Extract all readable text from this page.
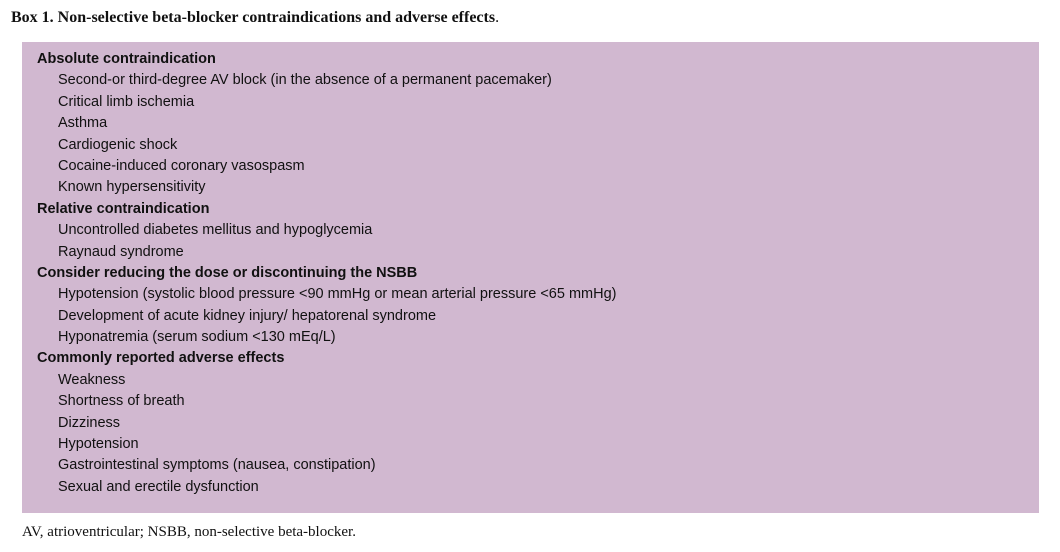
Box 1. Non-selective beta-blocker contraindications and adverse effects.
Absolute contraindication
Second-or third-degree AV block (in the absence of a permanent pacemaker)
Critical limb ischemia
Asthma
Cardiogenic shock
Cocaine-induced coronary vasospasm
Known hypersensitivity
Relative contraindication
Uncontrolled diabetes mellitus and hypoglycemia
Raynaud syndrome
Consider reducing the dose or discontinuing the NSBB
Hypotension (systolic blood pressure <90 mmHg or mean arterial pressure <65 mmHg)
Development of acute kidney injury/ hepatorenal syndrome
Hyponatremia (serum sodium <130 mEq/L)
Commonly reported adverse effects
Weakness
Shortness of breath
Dizziness
Hypotension
Gastrointestinal symptoms (nausea, constipation)
Sexual and erectile dysfunction
AV, atrioventricular; NSBB, non-selective beta-blocker.
